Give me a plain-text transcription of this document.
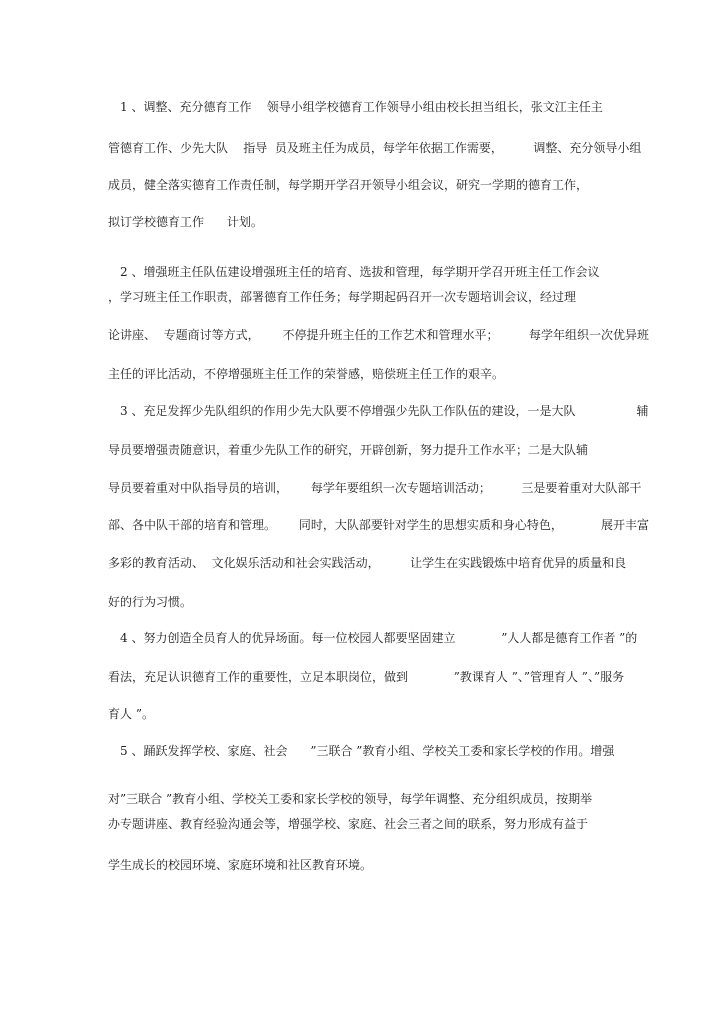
1 、调整、充分德育工作    领导小组学校德育工作领导小组由校长担当组长，张文江主任主

管德育工作、少先大队    指导  员及班主任为成员，每学年依据工作需要，        调整、充分领导小组

成员，健全落实德育工作责任制，每学期开学召开领导小组会议，研究一学期的德育工作，

拟订学校德育工作      计划。

2 、增强班主任队伍建设增强班主任的培育、选拔和管理，每学期开学召开班主任工作会议

，学习班主任工作职责，部署德育工作任务；每学期起码召开一次专题培训会议，经过理

论讲座、  专题商讨等方式，      不停提升班主任的工作艺术和管理水平；        每学年组织一次优异班

主任的评比活动，不停增强班主任工作的荣誉感，赔偿班主任工作的艰辛。

3 、充足发挥少先队组织的作用少先大队要不停增强少先队工作队伍的建设，一是大队                辅

导员要增强责随意识，着重少先队工作的研究，开辟创新，努力提升工作水平；二是大队辅

导员要着重对中队指导员的培训，      每学年要组织一次专题培训活动；        三是要着重对大队部干

部、各中队干部的培育和管理。      同时，大队部要针对学生的思想实质和身心特色，          展开丰富

多彩的教育活动、  文化娱乐活动和社会实践活动，        让学生在实践锻炼中培育优异的质量和良

好的行为习惯。

4 、努力创造全员育人的优异场面。每一位校园人都要坚固建立            ”人人都是德育工作者 ”的

看法，充足认识德育工作的重要性，立足本职岗位，做到            ”教课育人 ”、”管理育人 ”、”服务

育人 ”。

5 、踊跃发挥学校、家庭、社会      ”三联合 ”教育小组、学校关工委和家长学校的作用。增强

对”三联合 ”教育小组、学校关工委和家长学校的领导，每学年调整、充分组织成员，按期举

办专题讲座、教育经验沟通会等，增强学校、家庭、社会三者之间的联系，努力形成有益于

学生成长的校园环境、家庭环境和社区教育环境。
